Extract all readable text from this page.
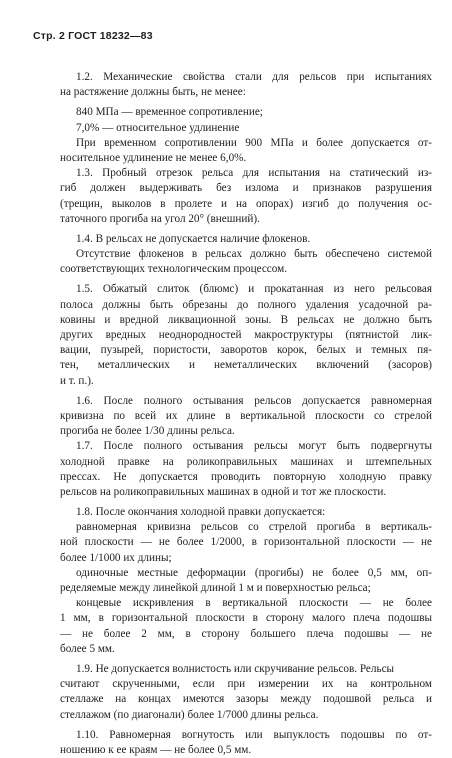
Стр. 2 ГОСТ 18232—83
1.2. Механические свойства стали для рельсов при испытаниях
на растяжение должны быть, не менее:
840 МПа — временное сопротивление;
7,0% — относительное удлинение
При временном сопротивлении 900 МПа и более допускается от-
носительное удлинение не менее 6,0%.
1.3. Пробный отрезок рельса для испытания на статический из-
гиб должен выдерживать без излома и признаков разрушения
(трещин, выколов в пролете и на опорах) изгиб до получения ос-
таточного прогиба на угол 20° (внешний).
1.4. В рельсах не допускается наличие флокенов.
Отсутствие флокенов в рельсах должно быть обеспечено системой
соответствующих технологическим процессом.
1.5. Обжатый слиток (блюмс) и прокатанная из него рельсовая
полоса должны быть обрезаны до полного удаления усадочной ра-
ковины и вредной ликвационной зоны. В рельсах не должно быть
других вредных неоднородностей макроструктуры (пятнистой лик-
вации, пузырей, пористости, заворотов корок, белых и темных пя-
тен, металлических и неметаллических включений (засоров)
и т. п.).
1.6. После полного остывания рельсов допускается равномерная
кривизна по всей их длине в вертикальной плоскости со стрелой
прогиба не более 1/30 длины рельса.
1.7. После полного остывания рельсы могут быть подвергнуты
холодной правке на роликоправильных машинах и штемпельных
прессах. Не допускается проводить повторную холодную правку
рельсов на роликоправильных машинах в одной и тот же плоскости.
1.8. После окончания холодной правки допускается:
равномерная кривизна рельсов со стрелой прогиба в вертикаль-
ной плоскости — не более 1/2000, в горизонтальной плоскости — не
более 1/1000 их длины;
одиночные местные деформации (прогибы) не более 0,5 мм, оп-
ределяемые между линейкой длиной 1 м и поверхностью рельса;
концевые искривления в вертикальной плоскости — не более
1 мм, в горизонтальной плоскости в сторону малого плеча подошвы
— не более 2 мм, в сторону большего плеча подошвы — не
более 5 мм.
1.9. Не допускается волнистость или скручивание рельсов. Рельсы
считают скрученными, если при измерении их на контрольном
стеллаже на концах имеются зазоры между подошвой рельса и
стеллажом (по диагонали) более 1/7000 длины рельса.
1.10. Равномерная вогнутость или выпуклость подошвы по от-
ношению к ее краям — не более 0,5 мм.
